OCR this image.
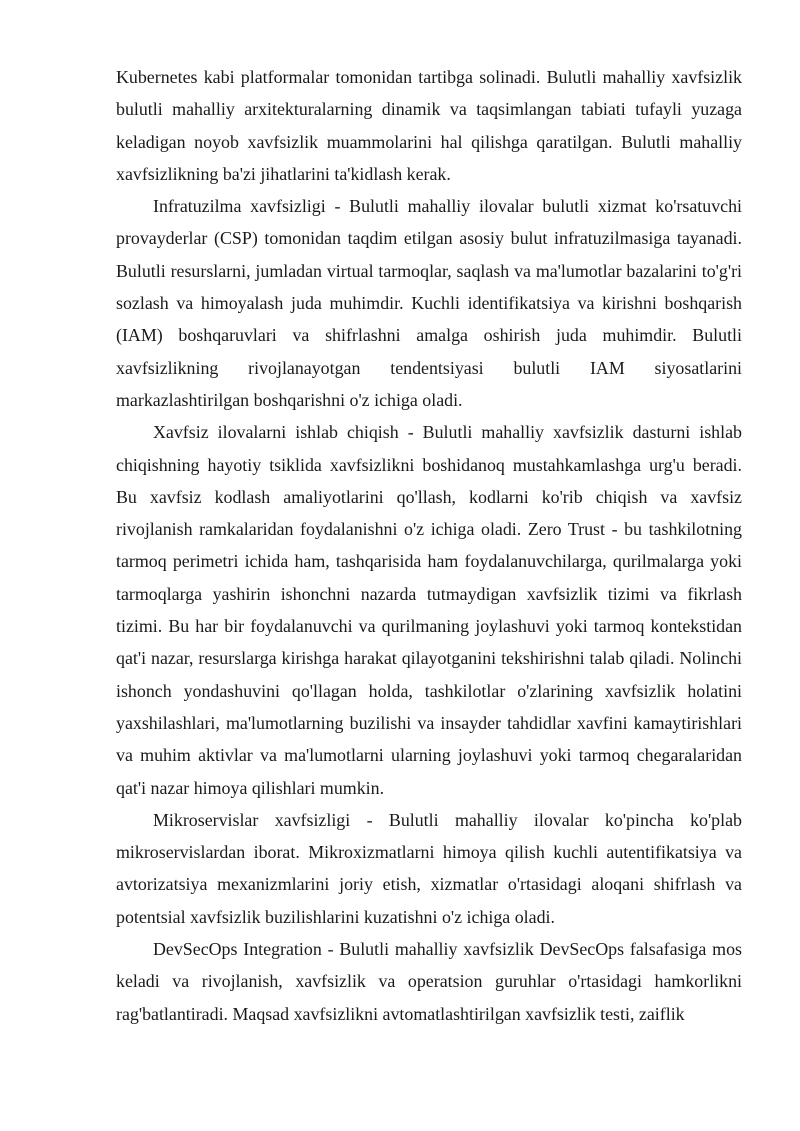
Kubernetes kabi platformalar tomonidan tartibga solinadi. Bulutli mahalliy xavfsizlik bulutli mahalliy arxitekturalarning dinamik va taqsimlangan tabiati tufayli yuzaga keladigan noyob xavfsizlik muammolarini hal qilishga qaratilgan. Bulutli mahalliy xavfsizlikning ba'zi jihatlarini ta'kidlash kerak.

Infratuzilma xavfsizligi - Bulutli mahalliy ilovalar bulutli xizmat ko'rsatuvchi provayderlar (CSP) tomonidan taqdim etilgan asosiy bulut infratuzilmasiga tayanadi. Bulutli resurslarni, jumladan virtual tarmoqlar, saqlash va ma'lumotlar bazalarini to'g'ri sozlash va himoyalash juda muhimdir. Kuchli identifikatsiya va kirishni boshqarish (IAM) boshqaruvlari va shifrlashni amalga oshirish juda muhimdir. Bulutli xavfsizlikning rivojlanayotgan tendentsiyasi bulutli IAM siyosatlarini markazlashtirilgan boshqarishni o'z ichiga oladi.

Xavfsiz ilovalarni ishlab chiqish - Bulutli mahalliy xavfsizlik dasturni ishlab chiqishning hayotiy tsiklida xavfsizlikni boshidanoq mustahkamlashga urg'u beradi. Bu xavfsiz kodlash amaliyotlarini qo'llash, kodlarni ko'rib chiqish va xavfsiz rivojlanish ramkalaridan foydalanishni o'z ichiga oladi. Zero Trust - bu tashkilotning tarmoq perimetri ichida ham, tashqarisida ham foydalanuvchilarga, qurilmalarga yoki tarmoqlarga yashirin ishonchni nazarda tutmaydigan xavfsizlik tizimi va fikrlash tizimi. Bu har bir foydalanuvchi va qurilmaning joylashuvi yoki tarmoq kontekstidan qat'i nazar, resurslarga kirishga harakat qilayotganini tekshirishni talab qiladi. Nolinchi ishonch yondashuvini qo'llagan holda, tashkilotlar o'zlarining xavfsizlik holatini yaxshilashlari, ma'lumotlarning buzilishi va insayder tahdidlar xavfini kamaytirishlari va muhim aktivlar va ma'lumotlarni ularning joylashuvi yoki tarmoq chegaralaridan qat'i nazar himoya qilishlari mumkin.

Mikroservislar xavfsizligi - Bulutli mahalliy ilovalar ko'pincha ko'plab mikroservislardan iborat. Mikroxizmatlarni himoya qilish kuchli autentifikatsiya va avtorizatsiya mexanizmlarini joriy etish, xizmatlar o'rtasidagi aloqani shifrlash va potentsial xavfsizlik buzilishlarini kuzatishni o'z ichiga oladi.

DevSecOps Integration - Bulutli mahalliy xavfsizlik DevSecOps falsafasiga mos keladi va rivojlanish, xavfsizlik va operatsion guruhlar o'rtasidagi hamkorlikni rag'batlantiradi. Maqsad xavfsizlikni avtomatlashtirilgan xavfsizlik testi, zaiflik
